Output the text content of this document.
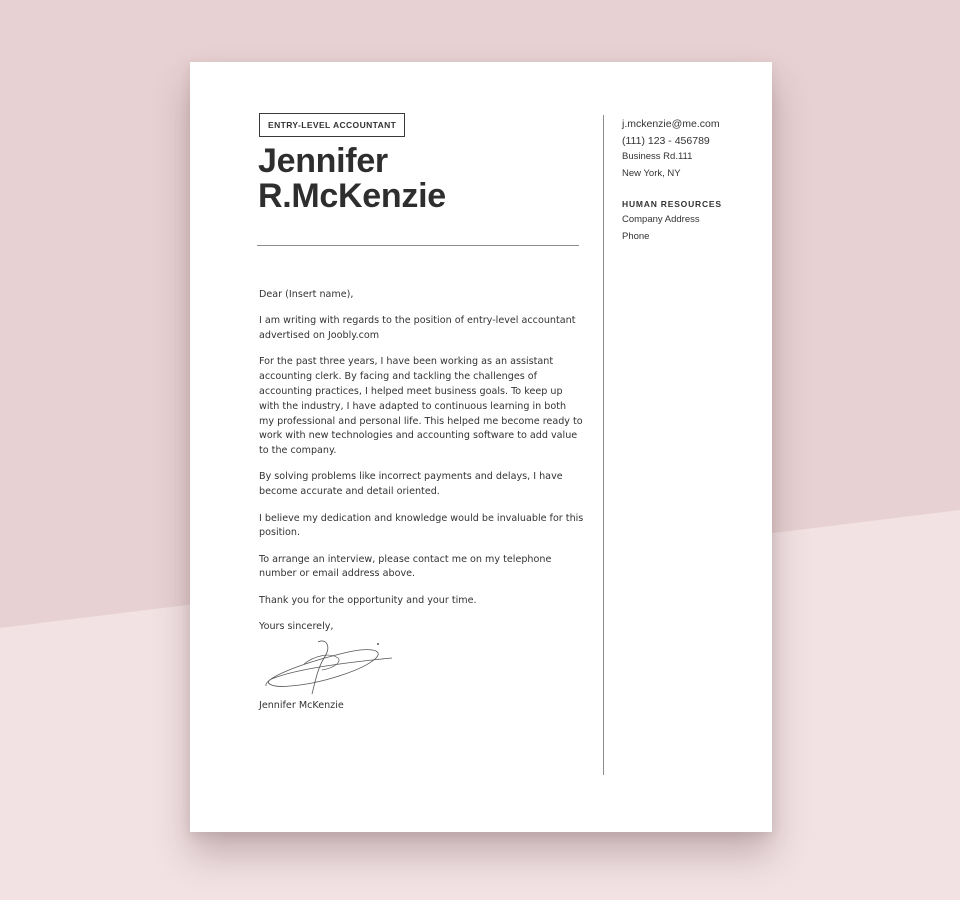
ENTRY-LEVEL ACCOUNTANT
Jennifer
R.McKenzie

Dear (Insert name),

I am writing with regards to the position of entry-level accountant advertised on Joobly.com

For the past three years, I have been working as an assistant accounting clerk. By facing and tackling the challenges of accounting practices, I helped meet business goals. To keep up with the industry, I have adapted to continuous learning in both my professional and personal life. This helped me become ready to work with new technologies and accounting software to add value to the company.

By solving problems like incorrect payments and delays, I have become accurate and detail oriented.

I believe my dedication and knowledge would be invaluable for this position.

To arrange an interview, please contact me on my telephone number or email address above.

Thank you for the opportunity and your time.

Yours sincerely,

Jennifer McKenzie
j.mckenzie@me.com
(111) 123 - 456789
Business Rd.111
New York, NY
HUMAN RESOURCES
Company Address
Phone
